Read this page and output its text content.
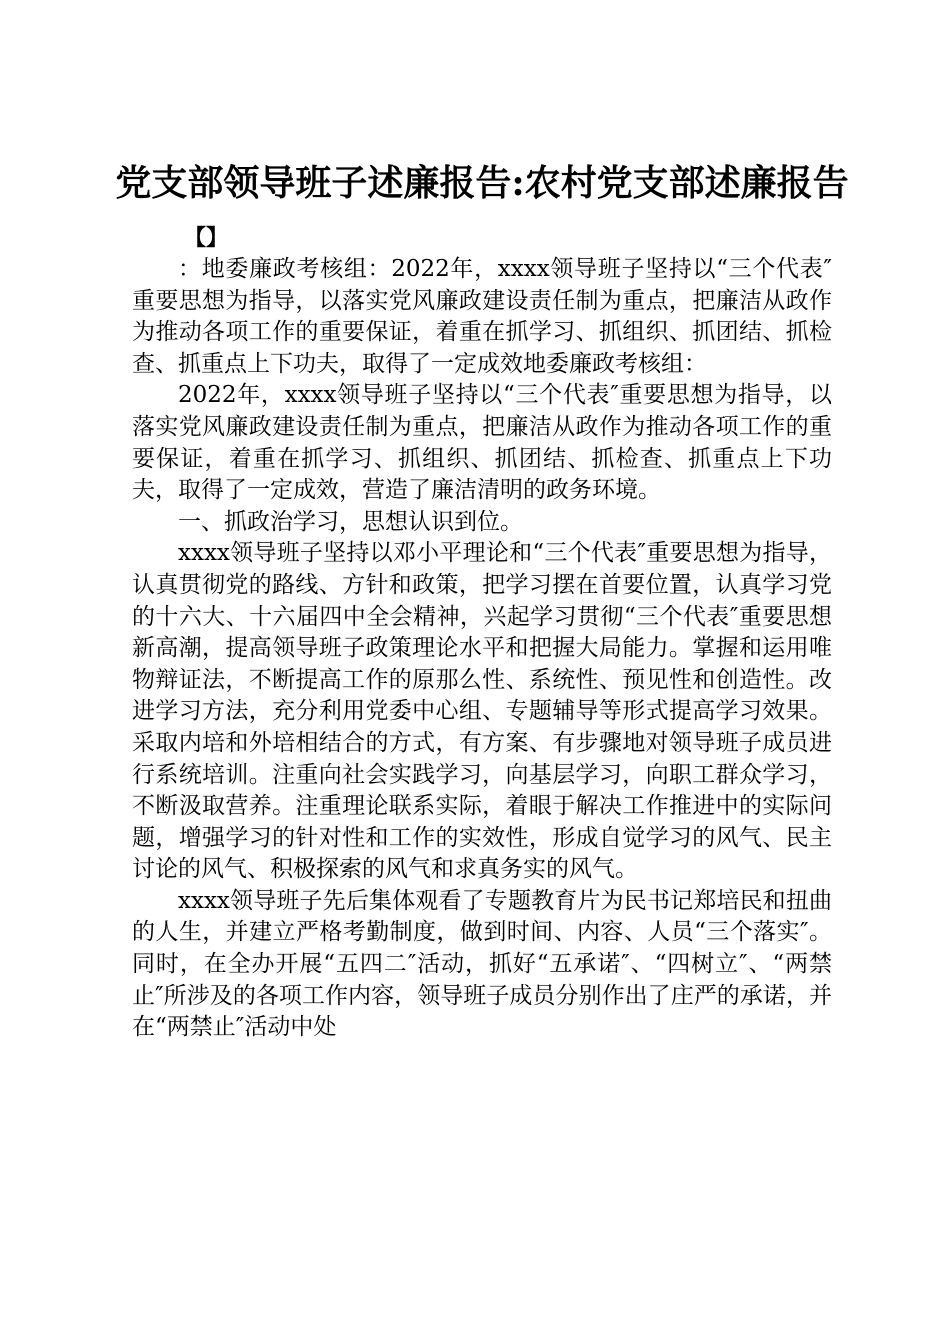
党支部领导班子述廉报告:农村党支部述廉报告
【】

：地委廉政考核组：2022年，xxxx领导班子坚持以“三个代表″重要思想为指导，以落实党风廉政建设责任制为重点，把廉洁从政作为推动各项工作的重要保证，着重在抓学习、抓组织、抓团结、抓检查、抓重点上下功夫，取得了一定成效地委廉政考核组：

2022年，xxxx领导班子坚持以“三个代表″重要思想为指导，以落实党风廉政建设责任制为重点，把廉洁从政作为推动各项工作的重要保证，着重在抓学习、抓组织、抓团结、抓检查、抓重点上下功夫，取得了一定成效，营造了廉洁清明的政务环境。

一、抓政治学习，思想认识到位。

xxxx领导班子坚持以邓小平理论和“三个代表″重要思想为指导，认真贯彻党的路线、方针和政策，把学习摆在首要位置，认真学习党的十六大、十六届四中全会精神，兴起学习贯彻“三个代表″重要思想新高潮，提高领导班子政策理论水平和把握大局能力。掌握和运用唯物辩证法，不断提高工作的原那么性、系统性、预见性和创造性。改进学习方法，充分利用党委中心组、专题辅导等形式提高学习效果。采取内培和外培相结合的方式，有方案、有步骤地对领导班子成员进行系统培训。注重向社会实践学习，向基层学习，向职工群众学习，不断汲取营养。注重理论联系实际，着眼于解决工作推进中的实际问题，增强学习的针对性和工作的实效性，形成自觉学习的风气、民主讨论的风气、积极探索的风气和求真务实的风气。

xxxx领导班子先后集体观看了专题教育片为民书记郑培民和扭曲的人生，并建立严格考勤制度，做到时间、内容、人员“三个落实″。同时，在全办开展“五四二″活动，抓好“五承诺″、“四树立″、“两禁止″所涉及的各项工作内容，领导班子成员分别作出了庄严的承诺，并在“两禁止″活动中处
